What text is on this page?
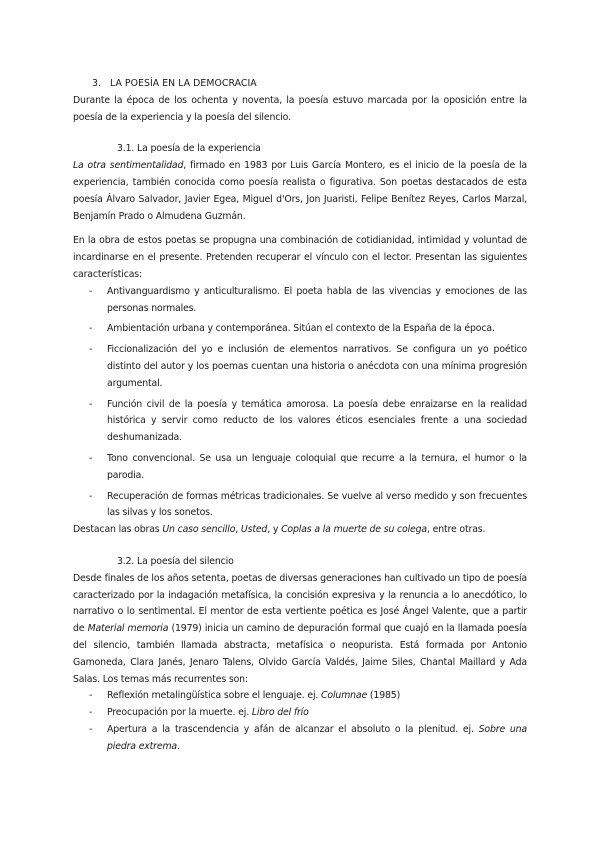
3. LA POESÍA EN LA DEMOCRACIA

Durante la época de los ochenta y noventa, la poesía estuvo marcada por la oposición entre la poesía de la experiencia y la poesía del silencio.

3.1. La poesía de la experiencia

La otra sentimentalidad, firmado en 1983 por Luis García Montero, es el inicio de la poesía de la experiencia, también conocida como poesía realista o figurativa. Son poetas destacados de esta poesía Álvaro Salvador, Javier Egea, Miguel d'Ors, Jon Juaristi, Felipe Benítez Reyes, Carlos Marzal, Benjamín Prado o Almudena Guzmán.

En la obra de estos poetas se propugna una combinación de cotidianidad, intimidad y voluntad de incardinarse en el presente. Pretenden recuperar el vínculo con el lector. Presentan las siguientes características:

- Antivanguardismo y anticulturalismo. El poeta habla de las vivencias y emociones de las personas normales.
- Ambientación urbana y contemporánea. Sitúan el contexto de la España de la época.
- Ficcionalización del yo e inclusión de elementos narrativos. Se configura un yo poético distinto del autor y los poemas cuentan una historia o anécdota con una mínima progresión argumental.
- Función civil de la poesía y temática amorosa. La poesía debe enraizarse en la realidad histórica y servir como reducto de los valores éticos esenciales frente a una sociedad deshumanizada.
- Tono convencional. Se usa un lenguaje coloquial que recurre a la ternura, el humor o la parodia.
- Recuperación de formas métricas tradicionales. Se vuelve al verso medido y son frecuentes las silvas y los sonetos.

Destacan las obras Un caso sencillo, Usted, y Coplas a la muerte de su colega, entre otras.

3.2. La poesía del silencio

Desde finales de los años setenta, poetas de diversas generaciones han cultivado un tipo de poesía caracterizado por la indagación metafísica, la concisión expresiva y la renuncia a lo anecdótico, lo narrativo o lo sentimental. El mentor de esta vertiente poética es José Ángel Valente, que a partir de Material memoria (1979) inicia un camino de depuración formal que cuajó en la llamada poesía del silencio, también llamada abstracta, metafísica o neopurista. Está formada por Antonio Gamoneda, Clara Janés, Jenaro Talens, Olvido García Valdés, Jaime Siles, Chantal Maillard y Ada Salas. Los temas más recurrentes son:

- Reflexión metalingüística sobre el lenguaje. ej. Columnae (1985)
- Preocupación por la muerte. ej. Libro del frío
- Apertura a la trascendencia y afán de alcanzar el absoluto o la plenitud. ej. Sobre una piedra extrema.
